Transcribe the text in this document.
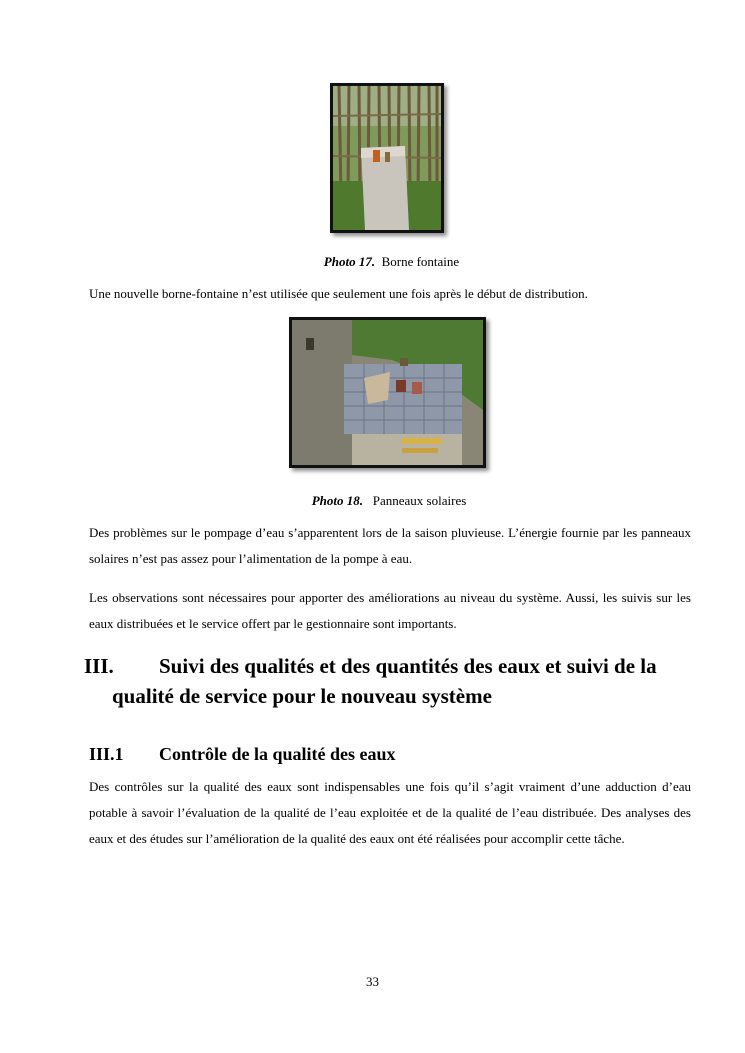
Photo 17. Borne fontaine
Une nouvelle borne-fontaine n’est utilisée que seulement une fois après le début de distribution.
Photo 18. Panneaux solaires
Des problèmes sur le pompage d’eau s’apparentent lors de la saison pluvieuse. L’énergie fournie par les panneaux solaires n’est pas assez pour l’alimentation de la pompe à eau.
Les observations sont nécessaires pour apporter des améliorations au niveau du système. Aussi, les suivis sur les eaux distribuées et le service offert par le gestionnaire sont importants.
III. Suivi des qualités et des quantités des eaux et suivi de la
qualité de service pour le nouveau système
III.1 Contrôle de la qualité des eaux
Des contrôles sur la qualité des eaux sont indispensables une fois qu’il s’agit vraiment d’une adduction d’eau potable à savoir l’évaluation de la qualité de l’eau exploitée et de la qualité de l’eau distribuée. Des analyses des eaux et des études sur l’amélioration de la qualité des eaux ont été réalisées pour accomplir cette tâche.
33
